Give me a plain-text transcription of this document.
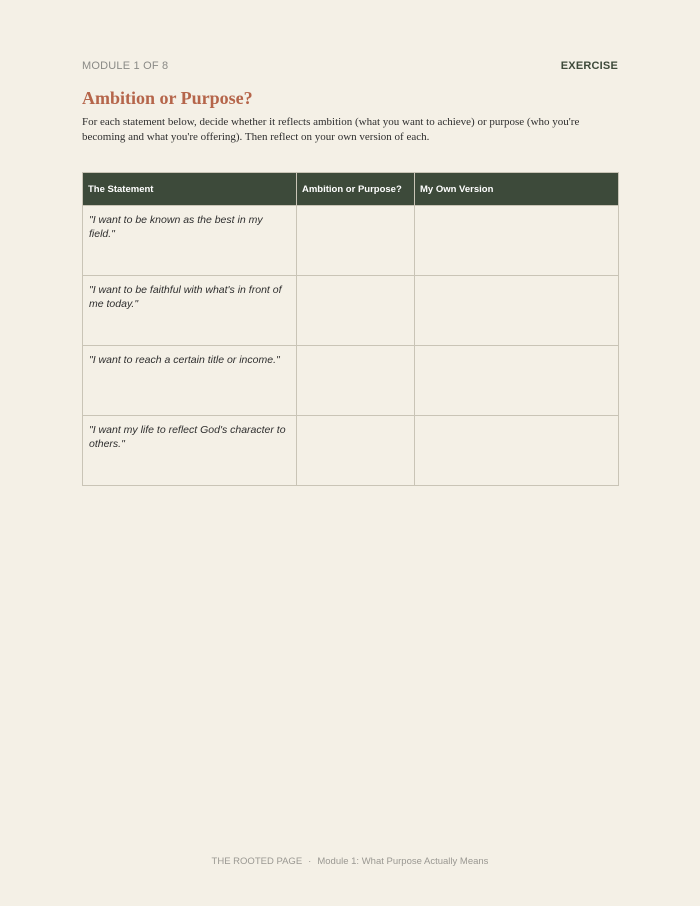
MODULE 1 OF 8	EXERCISE
Ambition or Purpose?

For each statement below, decide whether it reflects ambition (what you want to achieve) or purpose (who you're becoming and what you're offering). Then reflect on your own version of each.

The Statement	Ambition or Purpose?	My Own Version
"I want to be known as the best in my field."		
"I want to be faithful with what's in front of me today."		
"I want to reach a certain title or income."		
"I want my life to reflect God's character to others."		
THE ROOTED PAGE · Module 1: What Purpose Actually Means
